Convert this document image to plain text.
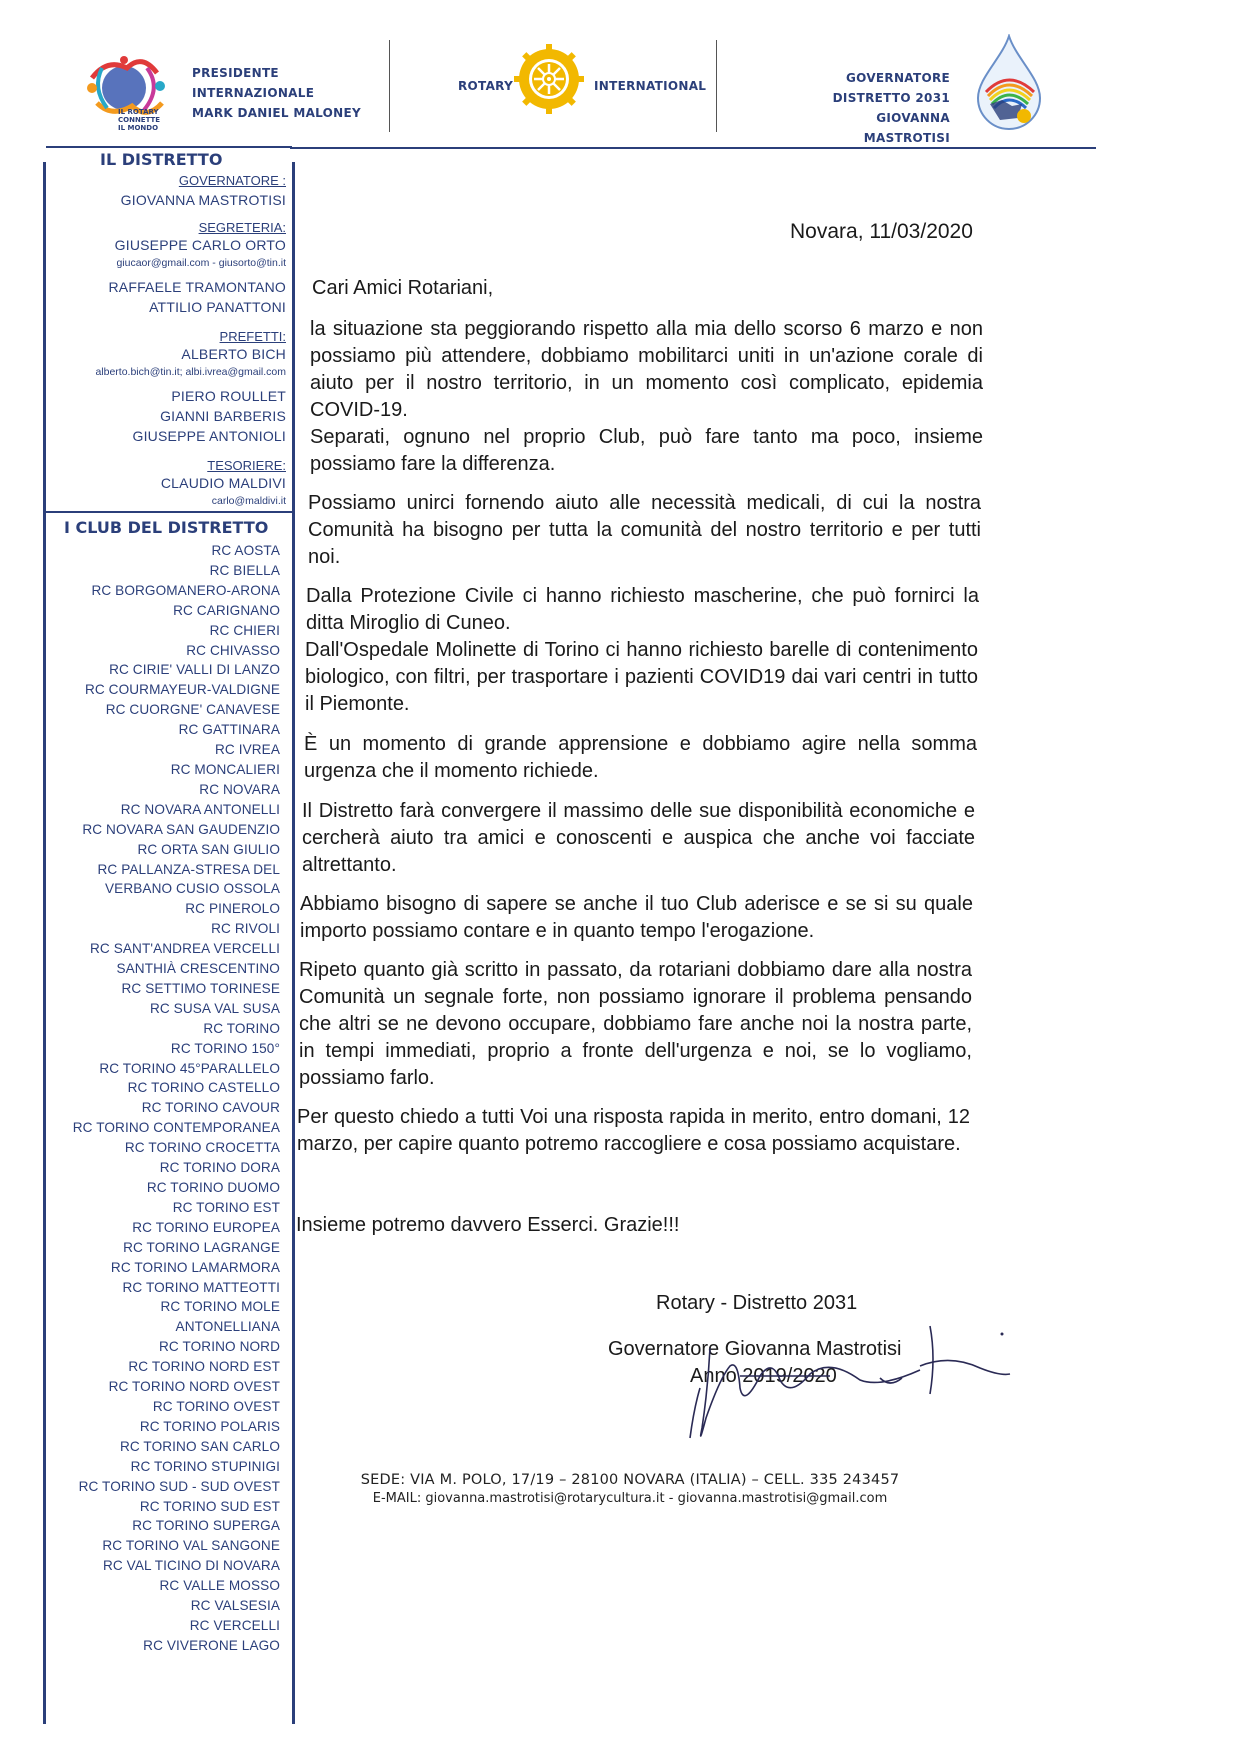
IL ROTARY
CONNETTE
IL MONDO
PRESIDENTE
INTERNAZIONALE
MARK DANIEL MALONEY
ROTARY	INTERNATIONAL
GOVERNATORE
DISTRETTO 2031
GIOVANNA MASTROTISI
IL DISTRETTO
GOVERNATORE :
GIOVANNA MASTROTISI
SEGRETERIA:
GIUSEPPE CARLO ORTO
giucaor@gmail.com - giusorto@tin.it
RAFFAELE TRAMONTANO
ATTILIO PANATTONI
PREFETTI:
ALBERTO BICH
alberto.bich@tin.it; albi.ivrea@gmail.com
PIERO ROULLET
GIANNI BARBERIS
GIUSEPPE ANTONIOLI
TESORIERE:
CLAUDIO MALDIVI
carlo@maldivi.it
I CLUB DEL DISTRETTO
RC AOSTA
RC BIELLA
RC BORGOMANERO-ARONA
RC CARIGNANO
RC CHIERI
RC CHIVASSO
RC CIRIE' VALLI DI LANZO
RC COURMAYEUR-VALDIGNE
RC CUORGNE' CANAVESE
RC GATTINARA
RC IVREA
RC MONCALIERI
RC NOVARA
RC NOVARA ANTONELLI
RC NOVARA SAN GAUDENZIO
RC ORTA SAN GIULIO
RC PALLANZA-STRESA DEL
VERBANO CUSIO OSSOLA
RC PINEROLO
RC RIVOLI
RC SANT'ANDREA VERCELLI
SANTHIÀ CRESCENTINO
RC SETTIMO TORINESE
RC SUSA VAL SUSA
RC TORINO
RC TORINO 150°
RC TORINO 45°PARALLELO
RC TORINO CASTELLO
RC TORINO CAVOUR
RC TORINO CONTEMPORANEA
RC TORINO CROCETTA
RC TORINO DORA
RC TORINO DUOMO
RC TORINO EST
RC TORINO EUROPEA
RC TORINO LAGRANGE
RC TORINO LAMARMORA
RC TORINO MATTEOTTI
RC TORINO MOLE
ANTONELLIANA
RC TORINO NORD
RC TORINO NORD EST
RC TORINO NORD OVEST
RC TORINO OVEST
RC TORINO POLARIS
RC TORINO SAN CARLO
RC TORINO STUPINIGI
RC TORINO SUD - SUD OVEST
RC TORINO SUD EST
RC TORINO SUPERGA
RC TORINO VAL SANGONE
RC VAL TICINO DI NOVARA
RC VALLE MOSSO
RC VALSESIA
RC VERCELLI
RC VIVERONE LAGO
Novara, 11/03/2020
Cari Amici Rotariani,
la situazione sta peggiorando rispetto alla mia dello scorso 6 marzo e non possiamo più attendere, dobbiamo mobilitarci uniti in un'azione corale di aiuto per il nostro territorio, in un momento così complicato, epidemia COVID-19.
Separati, ognuno nel proprio Club, può fare tanto ma poco, insieme possiamo fare la differenza.
Possiamo unirci fornendo aiuto alle necessità medicali, di cui la nostra Comunità ha bisogno per tutta la comunità del nostro territorio e per tutti noi.
Dalla Protezione Civile ci hanno richiesto mascherine, che può fornirci la ditta Miroglio di Cuneo.
Dall'Ospedale Molinette di Torino ci hanno richiesto barelle di contenimento biologico, con filtri, per trasportare i pazienti COVID19 dai vari centri in tutto il Piemonte.
È un momento di grande apprensione e dobbiamo agire nella somma urgenza che il momento richiede.
Il Distretto farà convergere il massimo delle sue disponibilità economiche e cercherà aiuto tra amici e conoscenti e auspica che anche voi facciate altrettanto.
Abbiamo bisogno di sapere se anche il tuo Club aderisce e se si su quale importo possiamo contare e in quanto tempo l'erogazione.
Ripeto quanto già scritto in passato, da rotariani dobbiamo dare alla nostra Comunità un segnale forte, non possiamo ignorare il problema pensando che altri se ne devono occupare, dobbiamo fare anche noi la nostra parte, in tempi immediati, proprio a fronte dell'urgenza e noi, se lo vogliamo, possiamo farlo.
Per questo chiedo a tutti Voi una risposta rapida in merito, entro domani, 12 marzo, per capire quanto potremo raccogliere e cosa possiamo acquistare.
Insieme potremo davvero Esserci. Grazie!!!
Rotary - Distretto 2031
Governatore Giovanna Mastrotisi
Anno 2019/2020
SEDE: VIA M. POLO, 17/19 – 28100 NOVARA (ITALIA) – CELL. 335 243457
E-MAIL: giovanna.mastrotisi@rotarycultura.it - giovanna.mastrotisi@gmail.com
